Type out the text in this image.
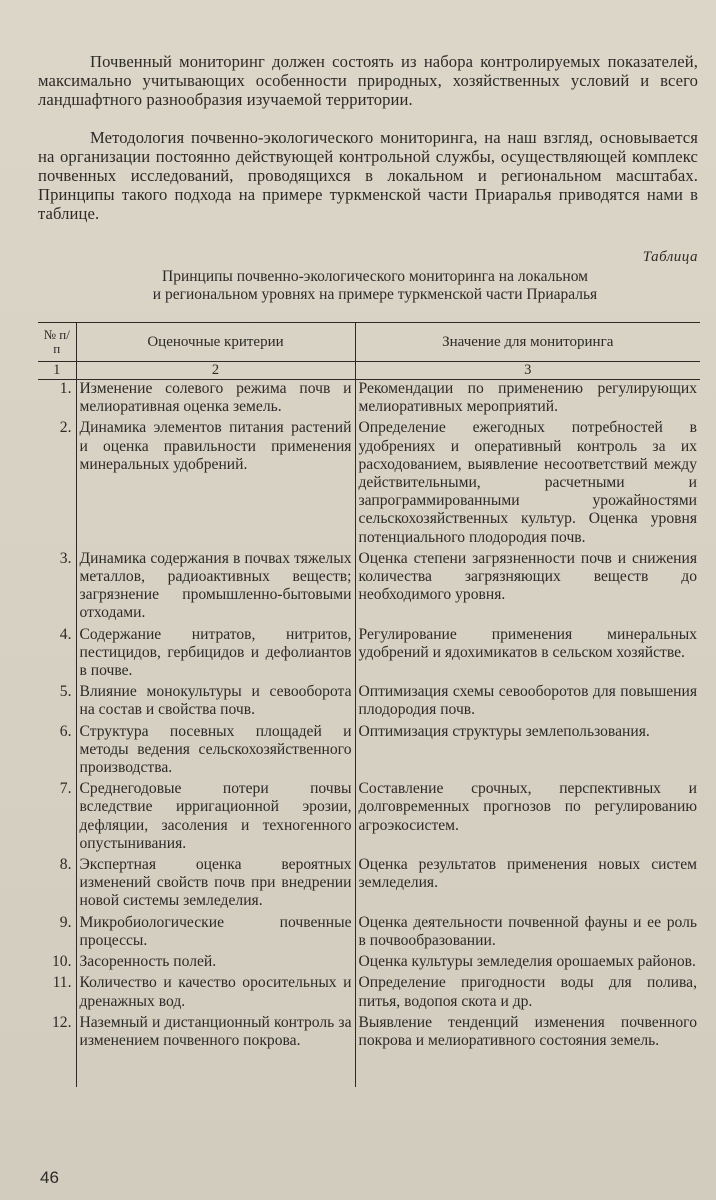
Почвенный мониторинг должен состоять из набора контролируемых показателей, максимально учитывающих особенности природных, хозяйственных условий и всего ландшафтного разнообразия изучаемой территории.

Методология почвенно-экологического мониторинга, на наш взгляд, основывается на организации постоянно действующей контрольной службы, осуществляющей комплекс почвенных исследований, проводящихся в локальном и региональном масштабах. Принципы такого подхода на примере туркменской части Приаралья приводятся нами в таблице.

Таблица
Принципы почвенно-экологического мониторинга на локальном
и региональном уровнях на примере туркменской части Приаралья
№ п/п	Оценочные критерии	Значение для мониторинга
1	2	3
1.	Изменение солевого режима почв и мелиоративная оценка земель.	Рекомендации по применению регулирующих мелиоративных мероприятий.
2.	Динамика элементов питания растений и оценка правильности применения минеральных удобрений.	Определение ежегодных потребностей в удобрениях и оперативный контроль за их расходованием, выявление несоответствий между действительными, расчетными и запрограммированными урожайностями сельскохозяйственных культур. Оценка уровня потенциального плодородия почв.
3.	Динамика содержания в почвах тяжелых металлов, радиоактивных веществ; загрязнение промышленно-бытовыми отходами.	Оценка степени загрязненности почв и снижения количества загрязняющих веществ до необходимого уровня.
4.	Содержание нитратов, нитритов, пестицидов, гербицидов и дефолиантов в почве.	Регулирование применения минеральных удобрений и ядохимикатов в сельском хозяйстве.
5.	Влияние монокультуры и севооборота на состав и свойства почв.	Оптимизация схемы севооборотов для повышения плодородия почв.
6.	Структура посевных площадей и методы ведения сельскохозяйственного производства.	Оптимизация структуры землепользования.
7.	Среднегодовые потери почвы вследствие ирригационной эрозии, дефляции, засоления и техногенного опустынивания.	Составление срочных, перспективных и долговременных прогнозов по регулированию агроэкосистем.
8.	Экспертная оценка вероятных изменений свойств почв при внедрении новой системы земледелия.	Оценка результатов применения новых систем земледелия.
9.	Микробиологические почвенные процессы.	Оценка деятельности почвенной фауны и ее роль в почвообразовании.
10.	Засоренность полей.	Оценка культуры земледелия орошаемых районов.
11.	Количество и качество оросительных и дренажных вод.	Определение пригодности воды для полива, питья, водопоя скота и др.
12.	Наземный и дистанционный контроль за изменением почвенного покрова.	Выявление тенденций изменения почвенного покрова и мелиоративного состояния земель.
46
